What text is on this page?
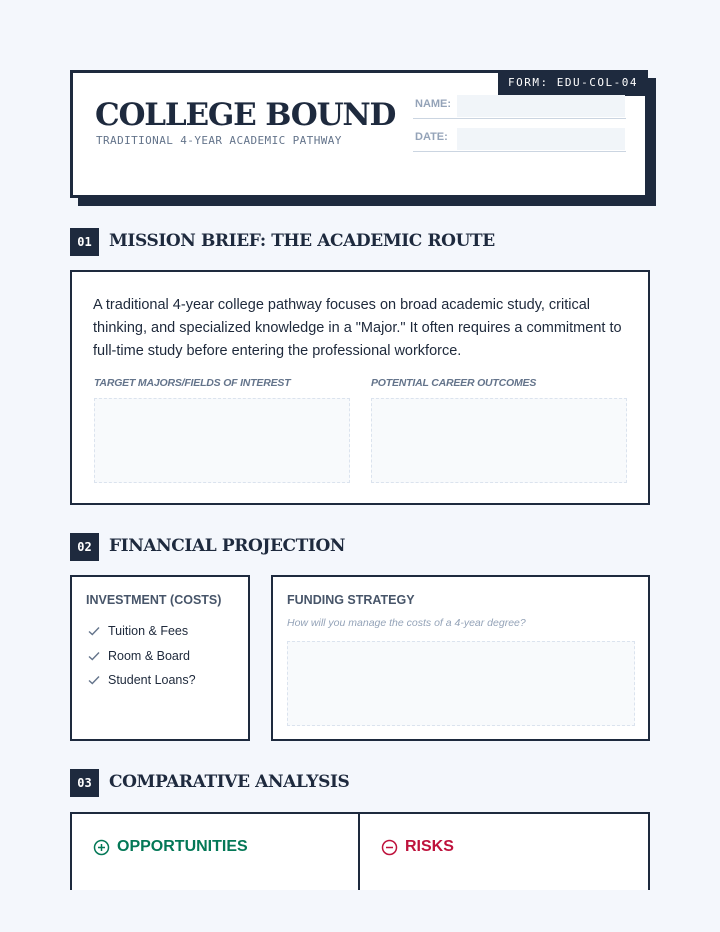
FORM: EDU-COL-04
COLLEGE BOUND
TRADITIONAL 4-YEAR ACADEMIC PATHWAY
NAME:
DATE:
01	MISSION BRIEF: THE ACADEMIC ROUTE

A traditional 4-year college pathway focuses on broad academic study, critical thinking, and specialized knowledge in a "Major." It often requires a commitment to full-time study before entering the professional workforce.

TARGET MAJORS/FIELDS OF INTEREST	POTENTIAL CAREER OUTCOMES
02	FINANCIAL PROJECTION
INVESTMENT (COSTS)
Tuition & Fees
Room & Board
Student Loans?
FUNDING STRATEGY
How will you manage the costs of a 4-year degree?
03	COMPARATIVE ANALYSIS
OPPORTUNITIES	RISKS
